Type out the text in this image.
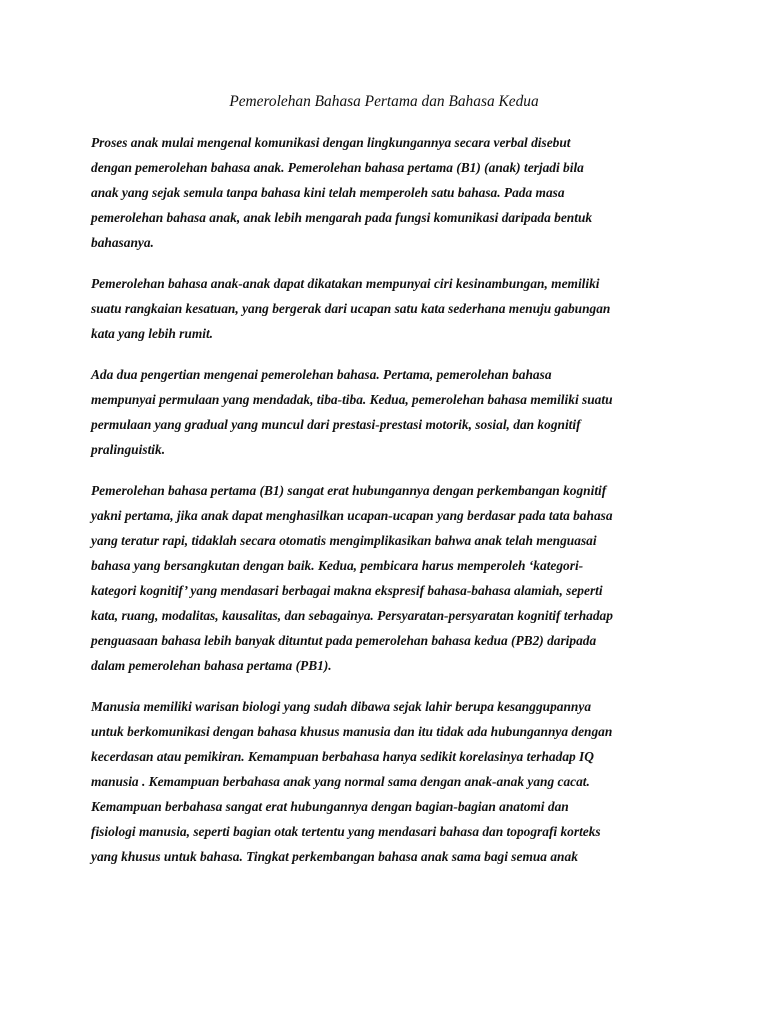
Pemerolehan Bahasa Pertama dan Bahasa Kedua

Proses anak mulai mengenal komunikasi dengan lingkungannya secara verbal disebut
dengan pemerolehan bahasa anak. Pemerolehan bahasa pertama (B1) (anak) terjadi bila
anak yang sejak semula tanpa bahasa kini telah memperoleh satu bahasa. Pada masa
pemerolehan bahasa anak, anak lebih mengarah pada fungsi komunikasi daripada bentuk
bahasanya.

Pemerolehan bahasa anak-anak dapat dikatakan mempunyai ciri kesinambungan, memiliki
suatu rangkaian kesatuan, yang bergerak dari ucapan satu kata sederhana menuju gabungan
kata yang lebih rumit.

Ada dua pengertian mengenai pemerolehan bahasa. Pertama, pemerolehan bahasa
mempunyai permulaan yang mendadak, tiba-tiba. Kedua, pemerolehan bahasa memiliki suatu
permulaan yang gradual yang muncul dari prestasi-prestasi motorik, sosial, dan kognitif
pralinguistik.

Pemerolehan bahasa pertama (B1) sangat erat hubungannya dengan perkembangan kognitif
yakni pertama, jika anak dapat menghasilkan ucapan-ucapan yang berdasar pada tata bahasa
yang teratur rapi, tidaklah secara otomatis mengimplikasikan bahwa anak telah menguasai
bahasa yang bersangkutan dengan baik. Kedua, pembicara harus memperoleh ‘kategori-
kategori kognitif’ yang mendasari berbagai makna ekspresif bahasa-bahasa alamiah, seperti
kata, ruang, modalitas, kausalitas, dan sebagainya. Persyaratan-persyaratan kognitif terhadap
penguasaan bahasa lebih banyak dituntut pada pemerolehan bahasa kedua (PB2) daripada
dalam pemerolehan bahasa pertama (PB1).

Manusia memiliki warisan biologi yang sudah dibawa sejak lahir berupa kesanggupannya
untuk berkomunikasi dengan bahasa khusus manusia dan itu tidak ada hubungannya dengan
kecerdasan atau pemikiran. Kemampuan berbahasa hanya sedikit korelasinya terhadap IQ
manusia . Kemampuan berbahasa anak yang normal sama dengan anak-anak yang cacat.
Kemampuan berbahasa sangat erat hubungannya dengan bagian-bagian anatomi dan
fisiologi manusia, seperti bagian otak tertentu yang mendasari bahasa dan topografi korteks
yang khusus untuk bahasa. Tingkat perkembangan bahasa anak sama bagi semua anak
